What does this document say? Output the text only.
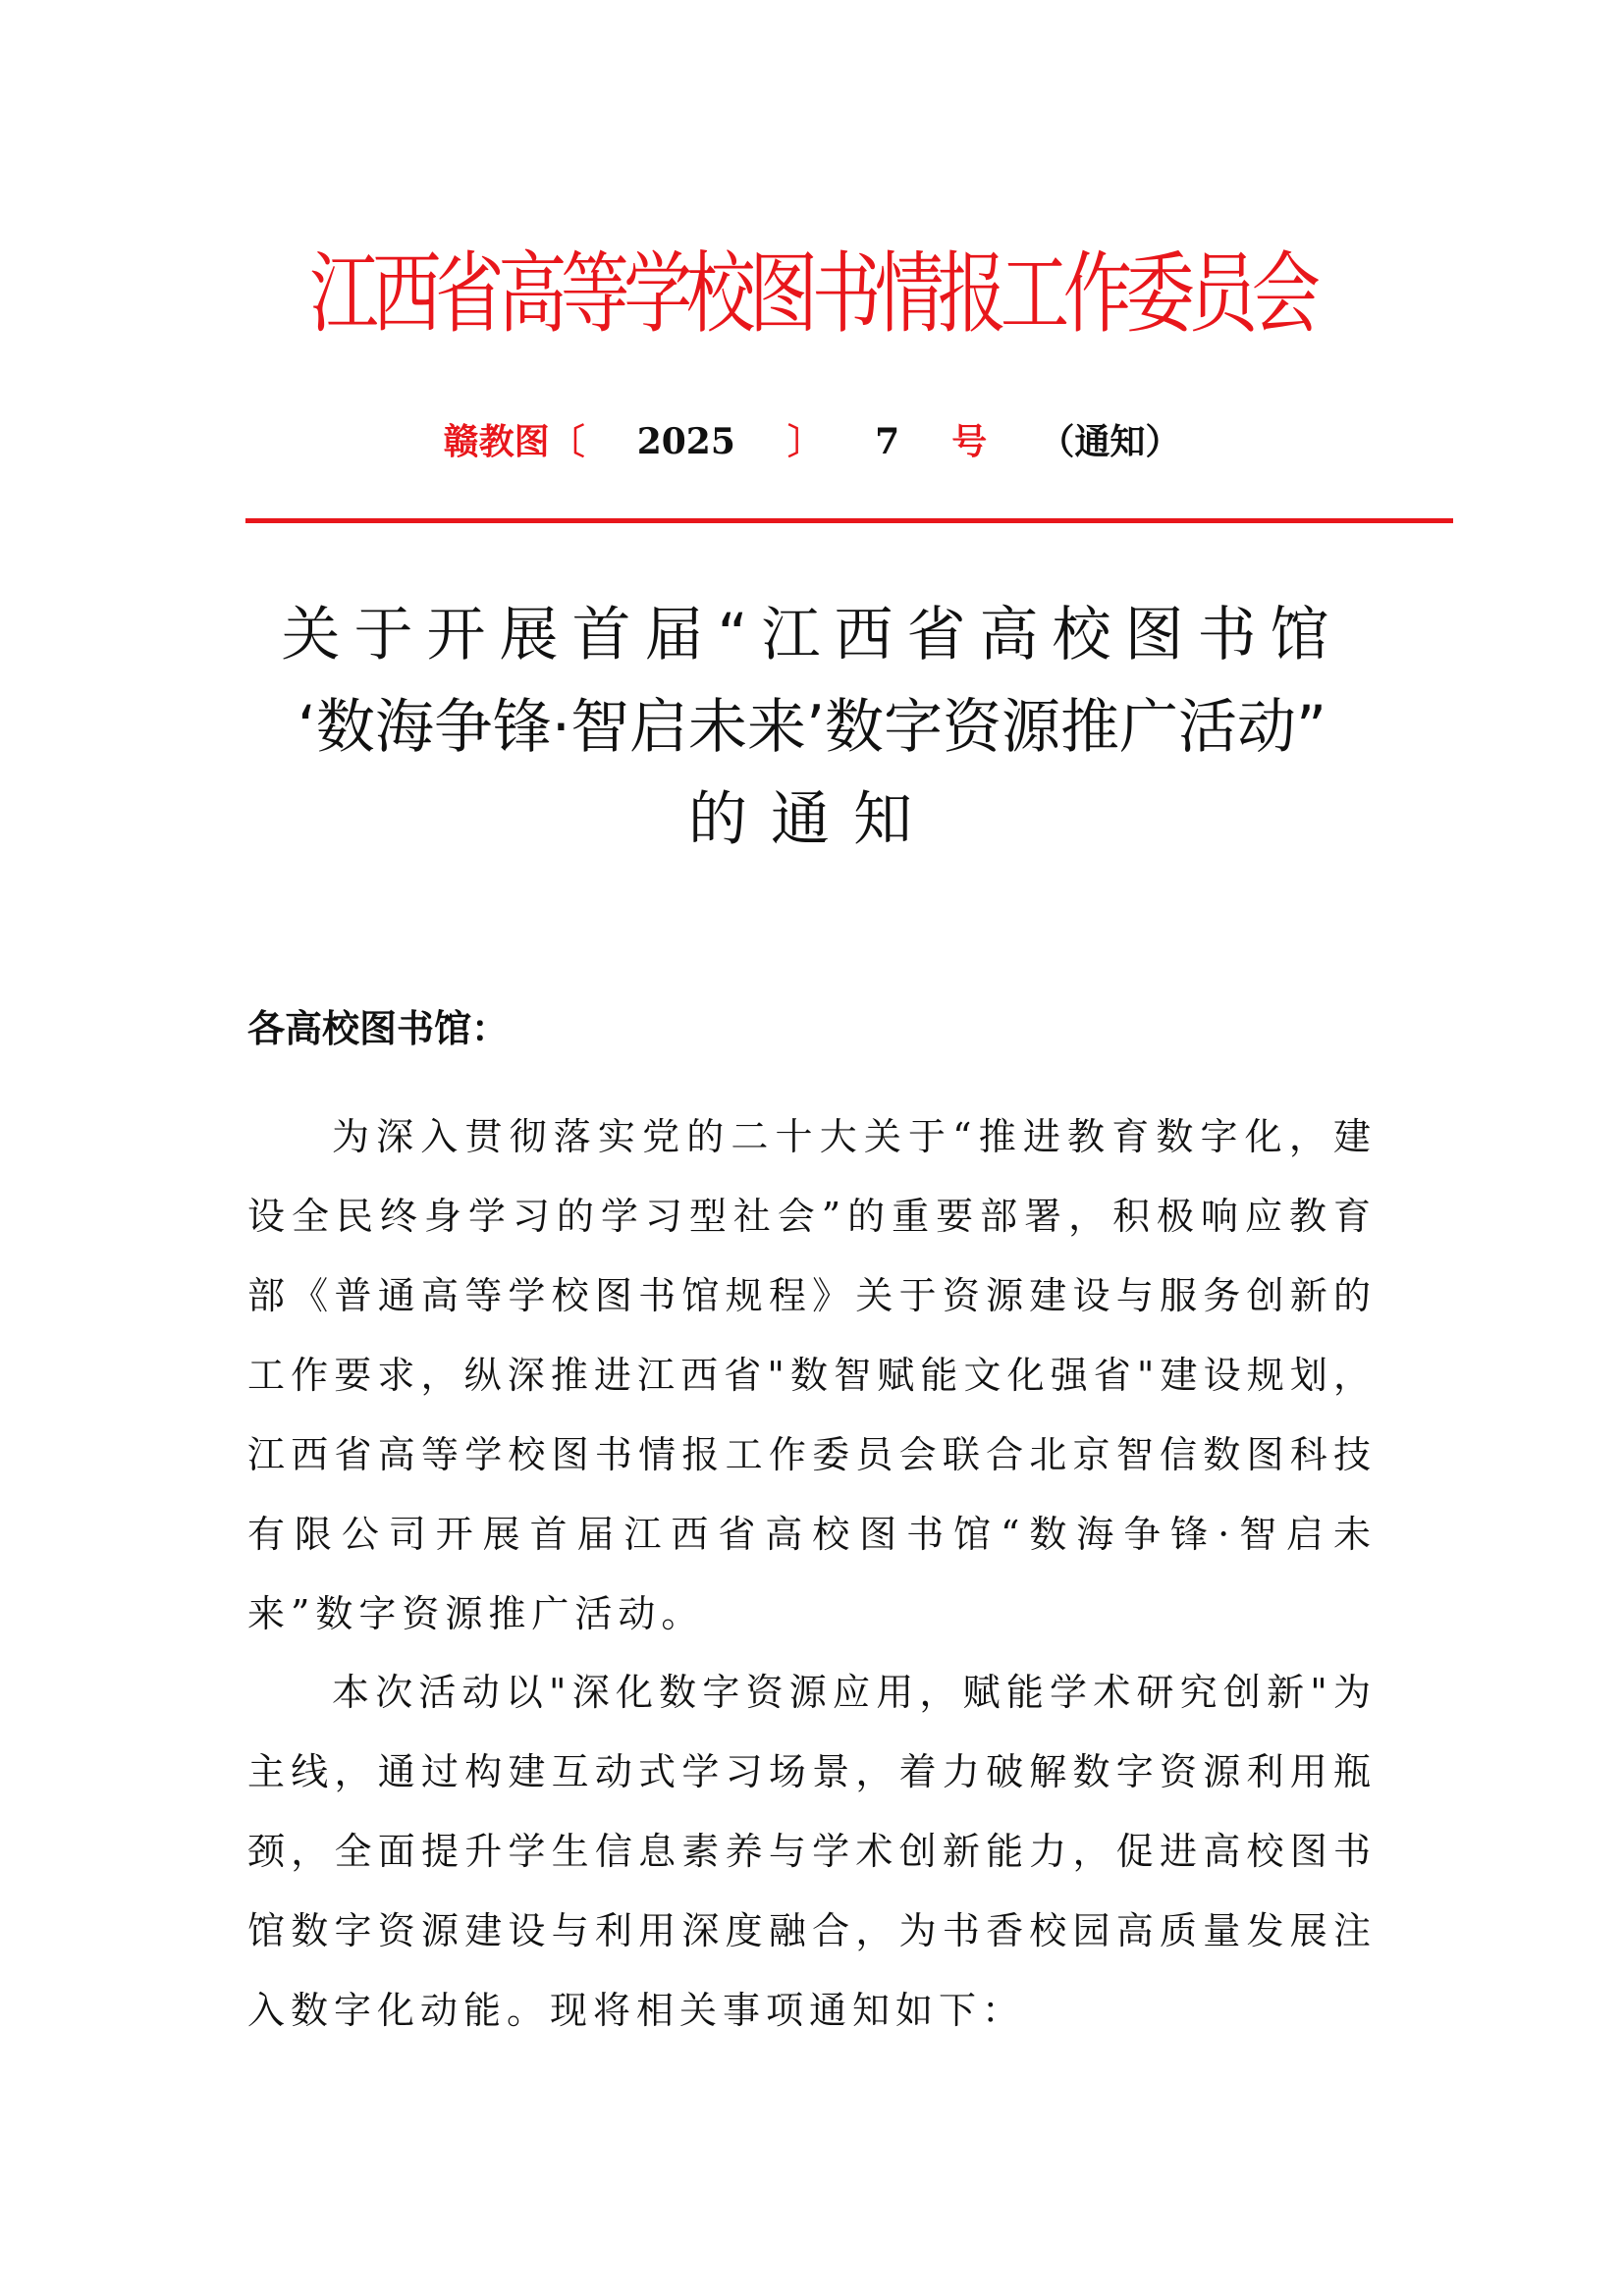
江西省高等学校图书情报工作委员会
赣教图〔 2025 〕 7 号 （通知）
关于开展首届“江西省高校图书馆
‘数海争锋·智启未来’数字资源推广活动”
的通知
各高校图书馆：

为深入贯彻落实党的二十大关于“推进教育数字化，建设全民终身学习的学习型社会”的重要部署，积极响应教育部《普通高等学校图书馆规程》关于资源建设与服务创新的工作要求，纵深推进江西省"数智赋能文化强省"建设规划，江西省高等学校图书情报工作委员会联合北京智信数图科技有限公司开展首届江西省高校图书馆“数海争锋·智启未来”数字资源推广活动。

本次活动以"深化数字资源应用，赋能学术研究创新"为主线，通过构建互动式学习场景，着力破解数字资源利用瓶颈，全面提升学生信息素养与学术创新能力，促进高校图书馆数字资源建设与利用深度融合，为书香校园高质量发展注入数字化动能。现将相关事项通知如下：
